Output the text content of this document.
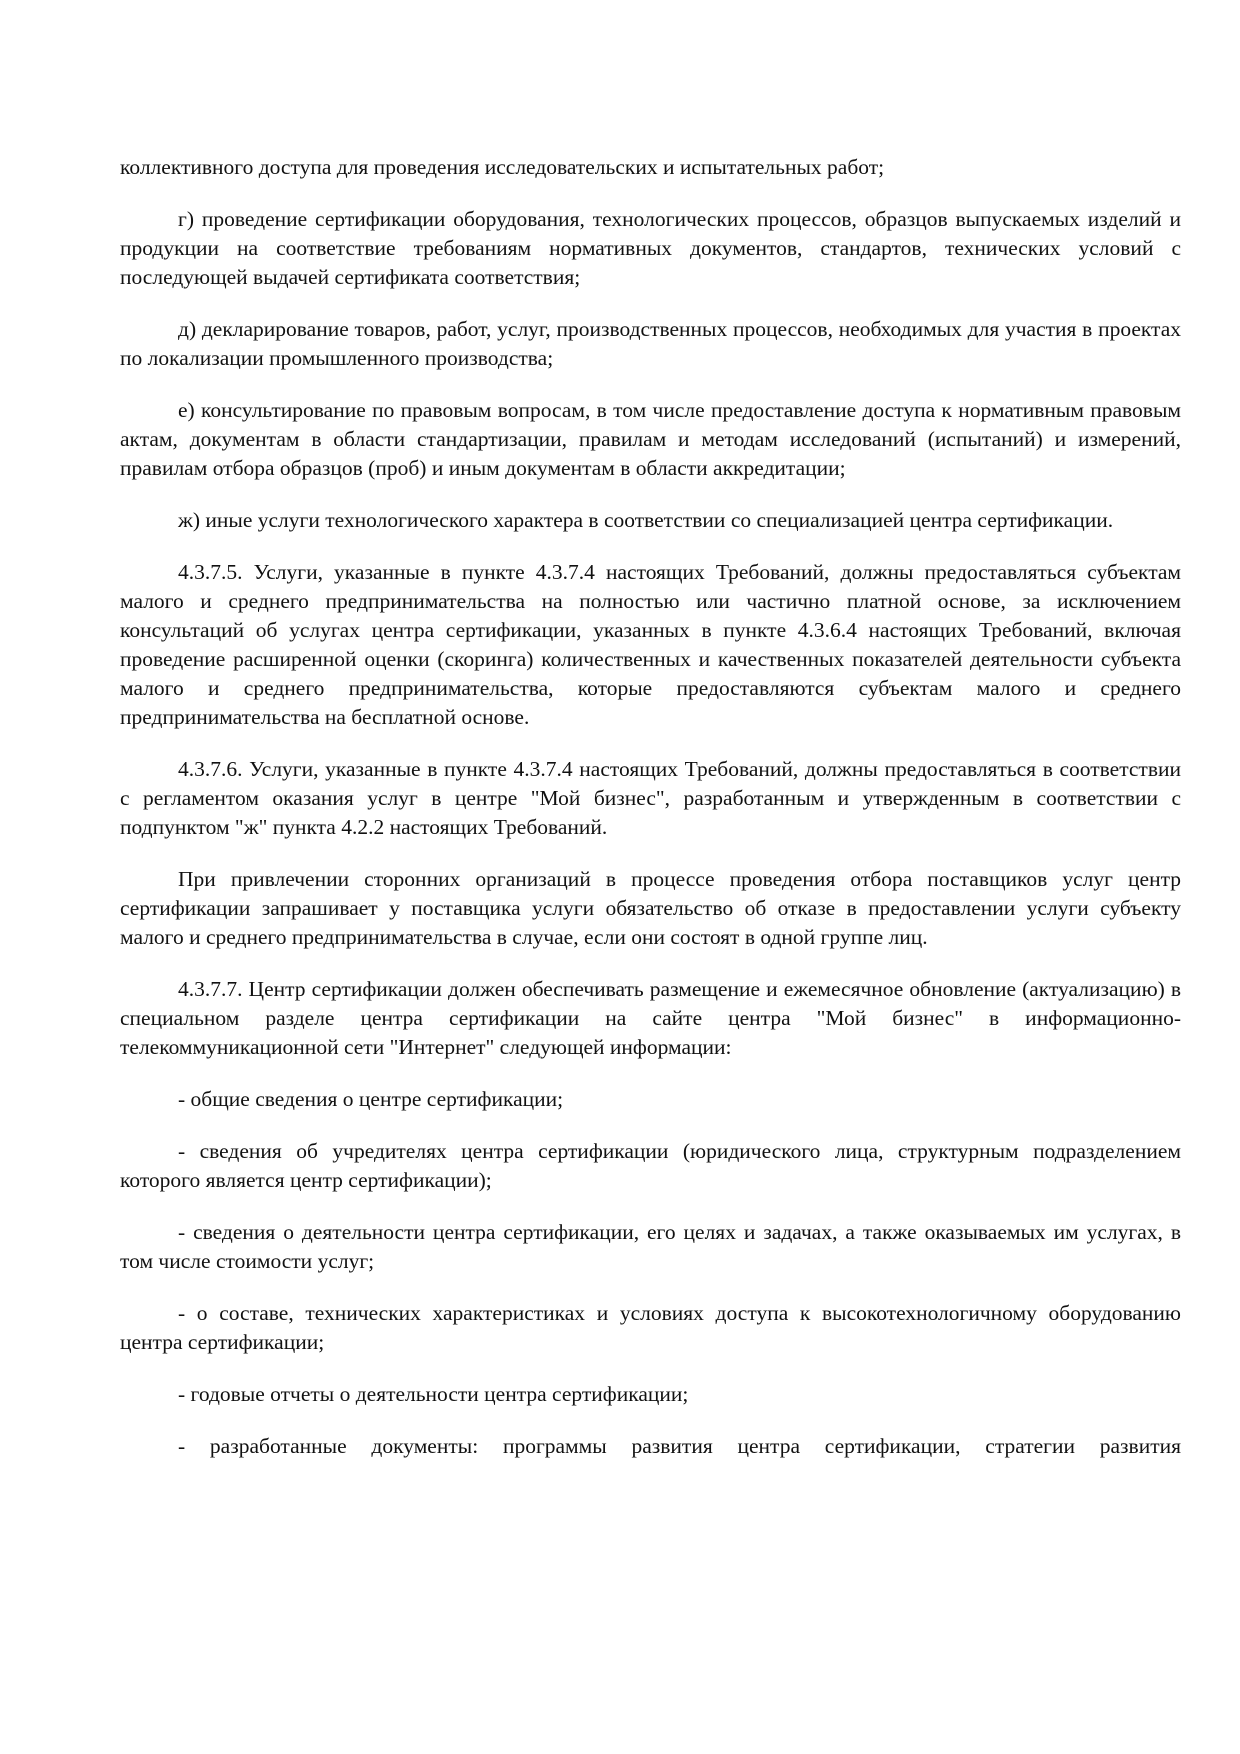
коллективного доступа для проведения исследовательских и испытательных работ;

г) проведение сертификации оборудования, технологических процессов, образцов выпускаемых изделий и продукции на соответствие требованиям нормативных документов, стандартов, технических условий с последующей выдачей сертификата соответствия;

д) декларирование товаров, работ, услуг, производственных процессов, необходимых для участия в проектах по локализации промышленного производства;

е) консультирование по правовым вопросам, в том числе предоставление доступа к нормативным правовым актам, документам в области стандартизации, правилам и методам исследований (испытаний) и измерений, правилам отбора образцов (проб) и иным документам в области аккредитации;

ж) иные услуги технологического характера в соответствии со специализацией центра сертификации.

4.3.7.5. Услуги, указанные в пункте 4.3.7.4 настоящих Требований, должны предоставляться субъектам малого и среднего предпринимательства на полностью или частично платной основе, за исключением консультаций об услугах центра сертификации, указанных в пункте 4.3.6.4 настоящих Требований, включая проведение расширенной оценки (скоринга) количественных и качественных показателей деятельности субъекта малого и среднего предпринимательства, которые предоставляются субъектам малого и среднего предпринимательства на бесплатной основе.

4.3.7.6. Услуги, указанные в пункте 4.3.7.4 настоящих Требований, должны предоставляться в соответствии с регламентом оказания услуг в центре "Мой бизнес", разработанным и утвержденным в соответствии с подпунктом "ж" пункта 4.2.2 настоящих Требований.

При привлечении сторонних организаций в процессе проведения отбора поставщиков услуг центр сертификации запрашивает у поставщика услуги обязательство об отказе в предоставлении услуги субъекту малого и среднего предпринимательства в случае, если они состоят в одной группе лиц.

4.3.7.7. Центр сертификации должен обеспечивать размещение и ежемесячное обновление (актуализацию) в специальном разделе центра сертификации на сайте центра "Мой бизнес" в информационно-телекоммуникационной сети "Интернет" следующей информации:

- общие сведения о центре сертификации;

- сведения об учредителях центра сертификации (юридического лица, структурным подразделением которого является центр сертификации);

- сведения о деятельности центра сертификации, его целях и задачах, а также оказываемых им услугах, в том числе стоимости услуг;

- о составе, технических характеристиках и условиях доступа к высокотехнологичному оборудованию центра сертификации;

- годовые отчеты о деятельности центра сертификации;

- разработанные документы: программы развития центра сертификации, стратегии развития
